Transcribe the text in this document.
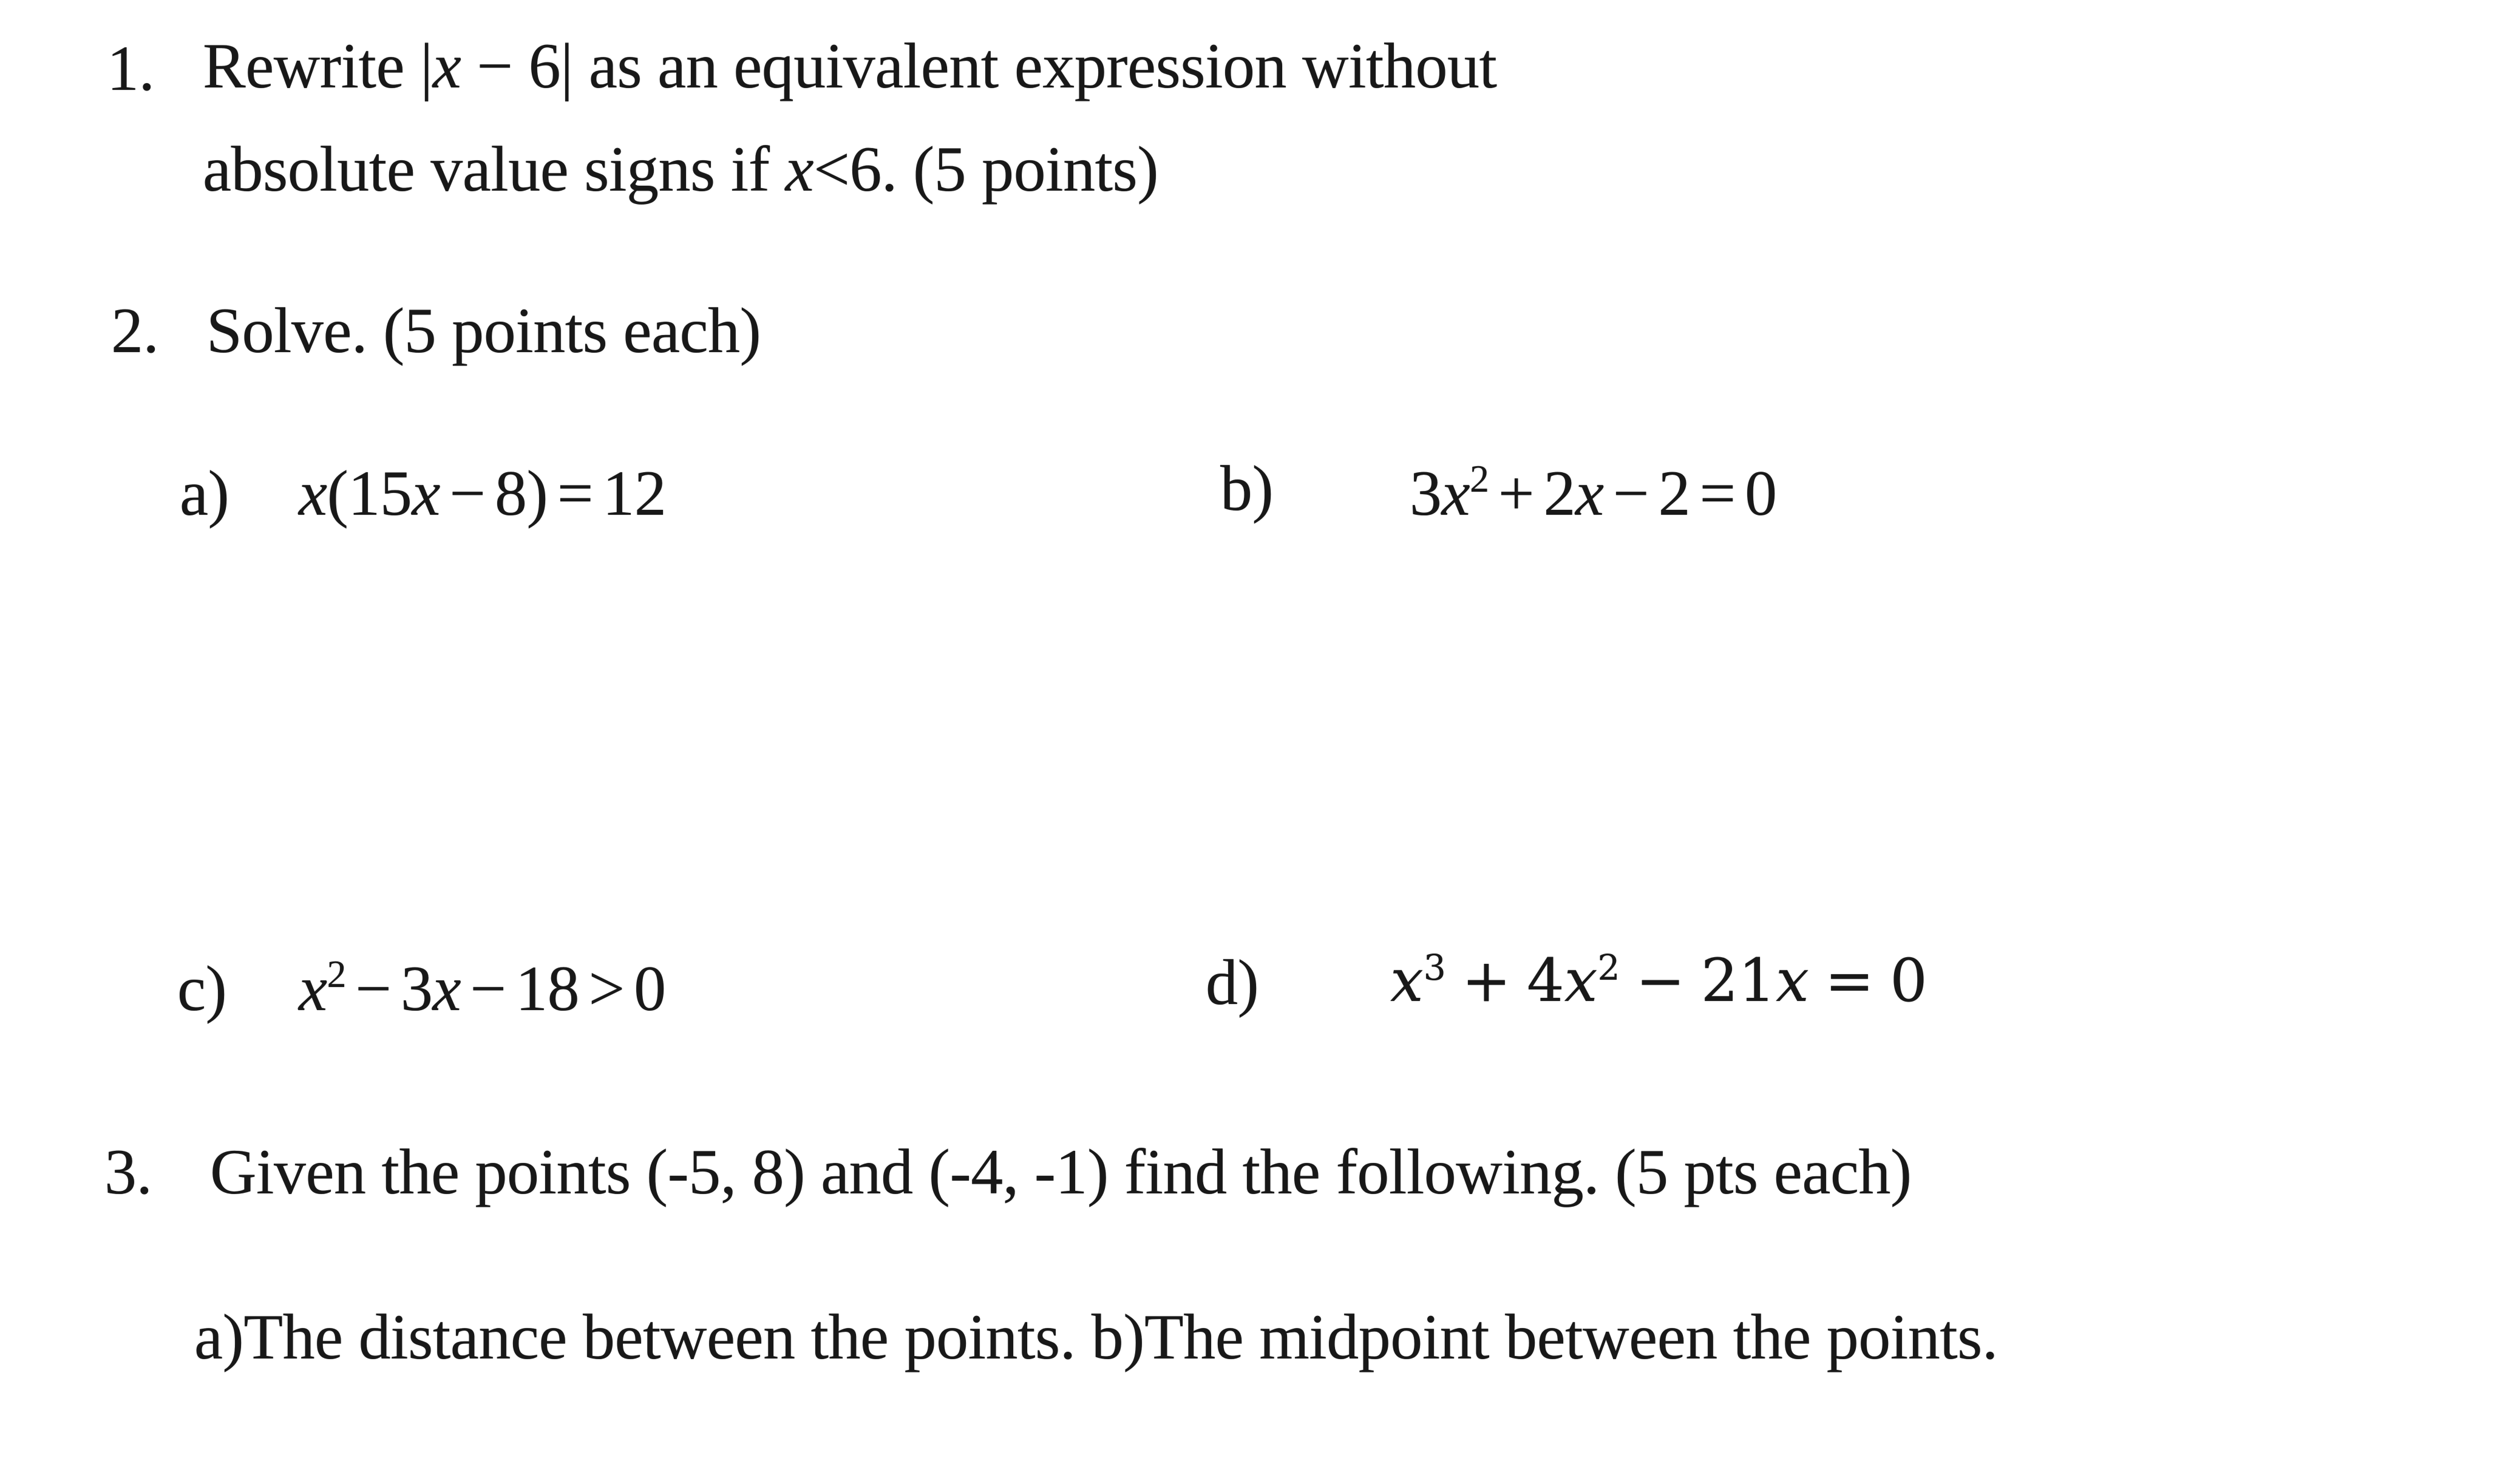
1. Rewrite |x − 6| as an equivalent expression without
absolute value signs if x<6. (5 points)
2. Solve. (5 points each)
a) x(15x − 8) = 12	b) $3x^2 + 2x - 2 = 0$
c) $x^2 - 3x - 18 > 0$	d) $x^3 + 4x^2 - 21x = 0$
3. Given the points (-5, 8) and (-4, -1) find the following. (5 pts each)
a)The distance between the points. b)The midpoint between the points.
